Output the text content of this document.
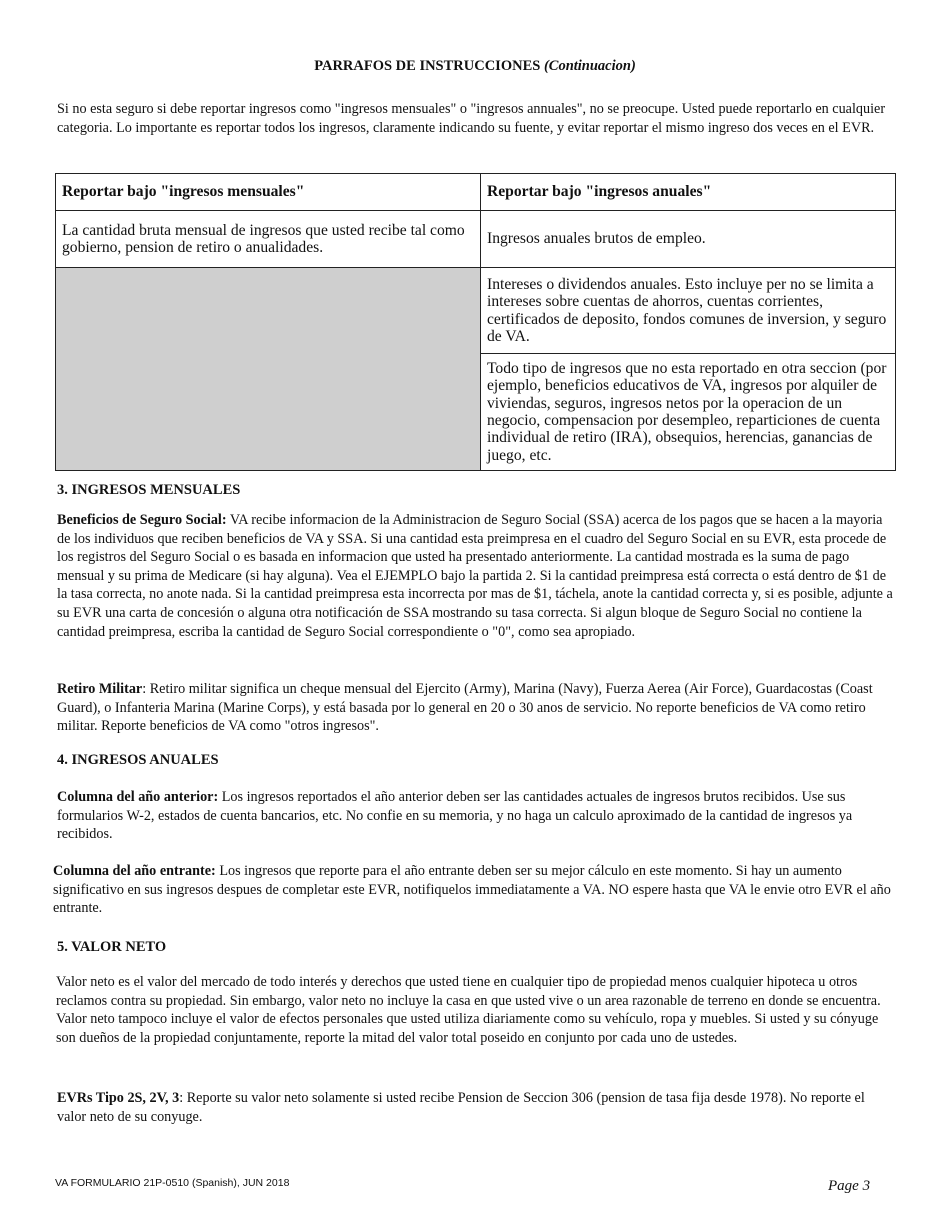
PARRAFOS DE INSTRUCCIONES (Continuacion)
Si no esta seguro si debe reportar ingresos como "ingresos mensuales" o "ingresos annuales", no se preocupe. Usted puede reportarlo en cualquier categoria. Lo importante es reportar todos los ingresos, claramente indicando su fuente, y evitar reportar el mismo ingreso dos veces en el EVR.
Reportar bajo "ingresos mensuales"	Reportar bajo "ingresos anuales"
La cantidad bruta mensual de ingresos que usted recibe tal como gobierno, pension de retiro o anualidades.	Ingresos anuales brutos de empleo.
	Intereses o dividendos anuales. Esto incluye per no se limita a intereses sobre cuentas de ahorros, cuentas corrientes, certificados de deposito, fondos comunes de inversion, y seguro de VA.
	Todo tipo de ingresos que no esta reportado en otra seccion (por ejemplo, beneficios educativos de VA, ingresos por alquiler de viviendas, seguros, ingresos netos por la operacion de un negocio, compensacion por desempleo, reparticiones de cuenta individual de retiro (IRA), obsequios, herencias, ganancias de juego, etc.
3. INGRESOS MENSUALES
Beneficios de Seguro Social: VA recibe informacion de la Administracion de Seguro Social (SSA) acerca de los pagos que se hacen a la mayoria de los individuos que reciben beneficios de VA y SSA. Si una cantidad esta preimpresa en el cuadro del Seguro Social en su EVR, esta procede de los registros del Seguro Social o es basada en informacion que usted ha presentado anteriormente. La cantidad mostrada es la suma de pago mensual y su prima de Medicare (si hay alguna). Vea el EJEMPLO bajo la partida 2. Si la cantidad preimpresa está correcta o está dentro de $1 de la tasa correcta, no anote nada. Si la cantidad preimpresa esta incorrecta por mas de $1, táchela, anote la cantidad correcta y, si es posible, adjunte a su EVR una carta de concesión o alguna otra notificación de SSA mostrando su tasa correcta. Si algun bloque de Seguro Social no contiene la cantidad preimpresa, escriba la cantidad de Seguro Social correspondiente o "0", como sea apropiado.
Retiro Militar: Retiro militar significa un cheque mensual del Ejercito (Army), Marina (Navy), Fuerza Aerea (Air Force), Guardacostas (Coast Guard), o Infanteria Marina (Marine Corps), y está basada por lo general en 20 o 30 anos de servicio. No reporte beneficios de VA como retiro militar. Reporte beneficios de VA como "otros ingresos".
4. INGRESOS ANUALES
Columna del año anterior: Los ingresos reportados el año anterior deben ser las cantidades actuales de ingresos brutos recibidos. Use sus formularios W-2, estados de cuenta bancarios, etc. No confie en su memoria, y no haga un calculo aproximado de la cantidad de ingresos ya recibidos.
Columna del año entrante: Los ingresos que reporte para el año entrante deben ser su mejor cálculo en este momento. Si hay un aumento significativo en sus ingresos despues de completar este EVR, notifiquelos immediatamente a VA. NO espere hasta que VA le envie otro EVR el año entrante.
5. VALOR NETO
Valor neto es el valor del mercado de todo interés y derechos que usted tiene en cualquier tipo de propiedad menos cualquier hipoteca u otros reclamos contra su propiedad. Sin embargo, valor neto no incluye la casa en que usted vive o un area razonable de terreno en donde se encuentra. Valor neto tampoco incluye el valor de efectos personales que usted utiliza diariamente como su vehículo, ropa y muebles. Si usted y su cónyuge son dueños de la propiedad conjuntamente, reporte la mitad del valor total poseido en conjunto por cada uno de ustedes.
EVRs Tipo 2S, 2V, 3: Reporte su valor neto solamente si usted recibe Pension de Seccion 306 (pension de tasa fija desde 1978). No reporte el valor neto de su conyuge.
VA FORMULARIO 21P-0510 (Spanish), JUN 2018	Page 3
